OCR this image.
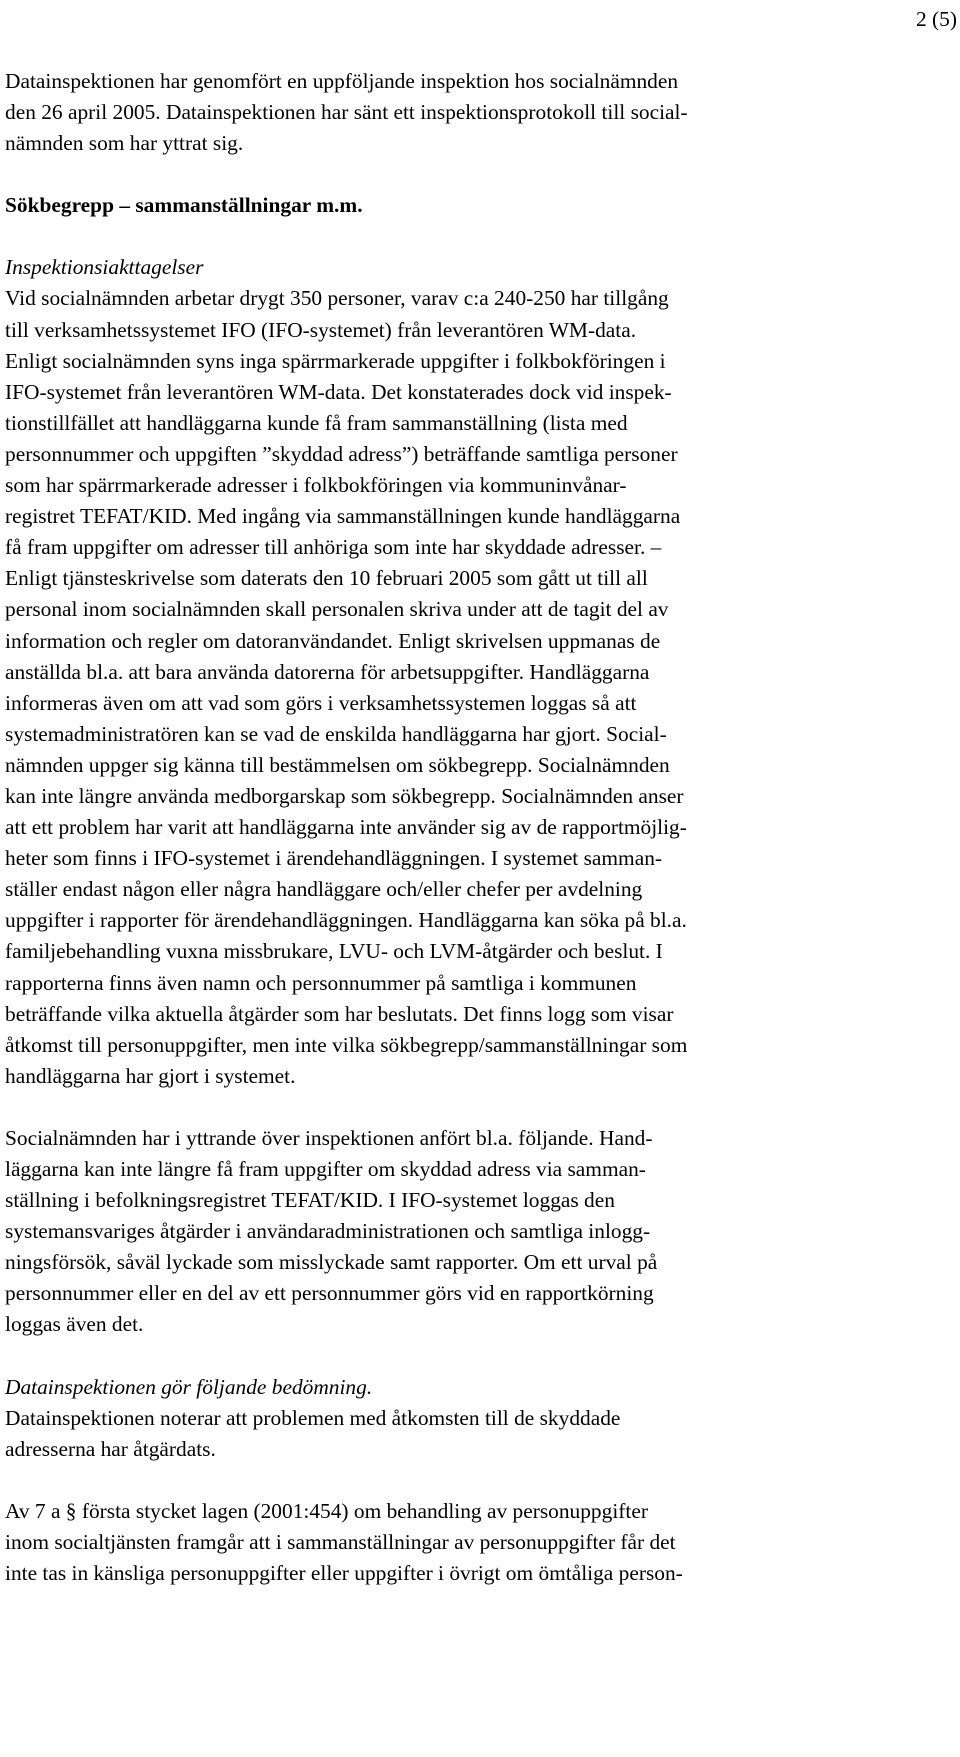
2 (5)

Datainspektionen har genomfört en uppföljande inspektion hos socialnämnden

den 26 april 2005. Datainspektionen har sänt ett inspektionsprotokoll till social-

nämnden som har yttrat sig.

Sökbegrepp – sammanställningar m.m.

Inspektionsiakttagelser

Vid socialnämnden arbetar drygt 350 personer, varav c:a 240-250 har tillgång

till verksamhetssystemet IFO (IFO-systemet) från leverantören WM-data.

Enligt socialnämnden syns inga spärrmarkerade uppgifter i folkbokföringen i

IFO-systemet från leverantören WM-data. Det konstaterades dock vid inspek-

tionstillfället att handläggarna kunde få fram sammanställning (lista med

personnummer och uppgiften ”skyddad adress”) beträffande samtliga personer

som har spärrmarkerade adresser i folkbokföringen via kommuninvånar-

registret TEFAT/KID. Med ingång via sammanställningen kunde handläggarna

få fram uppgifter om adresser till anhöriga som inte har skyddade adresser. –

Enligt tjänsteskrivelse som daterats den 10 februari 2005 som gått ut till all

personal inom socialnämnden skall personalen skriva under att de tagit del av

information och regler om datoranvändandet. Enligt skrivelsen uppmanas de

anställda bl.a. att bara använda datorerna för arbetsuppgifter. Handläggarna

informeras även om att vad som görs i verksamhetssystemen loggas så att

systemadministratören kan se vad de enskilda handläggarna har gjort. Social-

nämnden uppger sig känna till bestämmelsen om sökbegrepp. Socialnämnden

kan inte längre använda medborgarskap som sökbegrepp. Socialnämnden anser

att ett problem har varit att handläggarna inte använder sig av de rapportmöjlig-

heter som finns i IFO-systemet i ärendehandläggningen. I systemet samman-

ställer endast någon eller några handläggare och/eller chefer per avdelning

uppgifter i rapporter för ärendehandläggningen. Handläggarna kan söka på bl.a.

familjebehandling vuxna missbrukare, LVU- och LVM-åtgärder och beslut. I

rapporterna finns även namn och personnummer på samtliga i kommunen

beträffande vilka aktuella åtgärder som har beslutats. Det finns logg som visar

åtkomst till personuppgifter, men inte vilka sökbegrepp/sammanställningar som

handläggarna har gjort i systemet.

Socialnämnden har i yttrande över inspektionen anfört bl.a. följande. Hand-

läggarna kan inte längre få fram uppgifter om skyddad adress via samman-

ställning i befolkningsregistret TEFAT/KID. I IFO-systemet loggas den

systemansvariges åtgärder i användaradministrationen och samtliga inlogg-

ningsförsök, såväl lyckade som misslyckade samt rapporter. Om ett urval på

personnummer eller en del av ett personnummer görs vid en rapportkörning

loggas även det.

Datainspektionen gör följande bedömning.

Datainspektionen noterar att problemen med åtkomsten till de skyddade

adresserna har åtgärdats.

Av 7 a § första stycket lagen (2001:454) om behandling av personuppgifter

inom socialtjänsten framgår att i sammanställningar av personuppgifter får det

inte tas in känsliga personuppgifter eller uppgifter i övrigt om ömtåliga person-
